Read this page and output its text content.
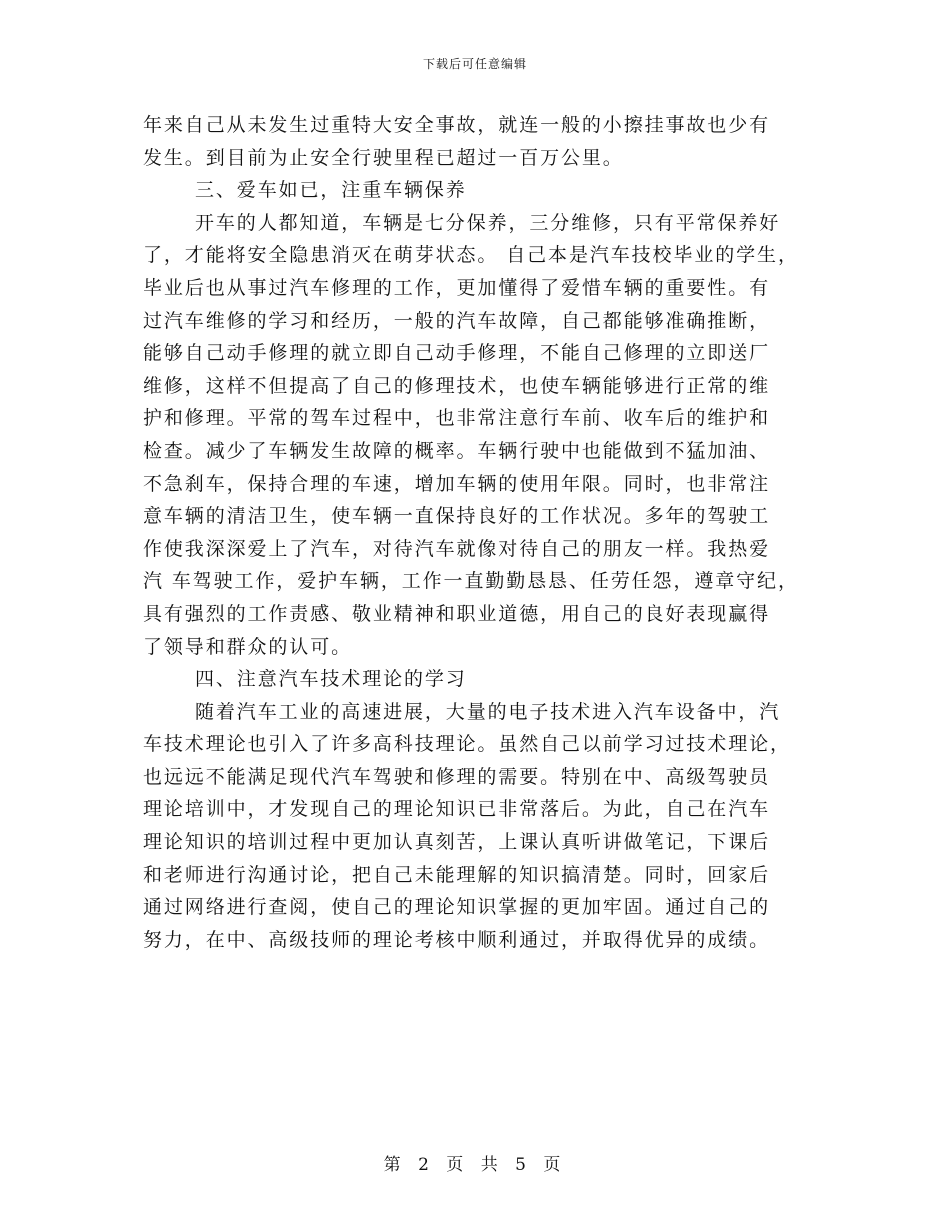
下载后可任意编辑
年来自己从未发生过重特大安全事故，就连一般的小擦挂事故也少有
发生。到目前为止安全行驶里程已超过一百万公里。
三、爱车如已，注重车辆保养
开车的人都知道，车辆是七分保养，三分维修，只有平常保养好
了，才能将安全隐患消灭在萌芽状态。 自己本是汽车技校毕业的学生，
毕业后也从事过汽车修理的工作，更加懂得了爱惜车辆的重要性。有
过汽车维修的学习和经历，一般的汽车故障，自己都能够准确推断，
能够自己动手修理的就立即自己动手修理，不能自己修理的立即送厂
维修，这样不但提高了自己的修理技术，也使车辆能够进行正常的维
护和修理。平常的驾车过程中，也非常注意行车前、收车后的维护和
检查。减少了车辆发生故障的概率。车辆行驶中也能做到不猛加油、
不急刹车，保持合理的车速，增加车辆的使用年限。同时，也非常注
意车辆的清洁卫生，使车辆一直保持良好的工作状况。多年的驾驶工
作使我深深爱上了汽车，对待汽车就像对待自己的朋友一样。我热爱
汽 车驾驶工作，爱护车辆，工作一直勤勤恳恳、任劳任怨，遵章守纪，
具有强烈的工作责感、敬业精神和职业道德，用自己的良好表现赢得
了领导和群众的认可。
四、注意汽车技术理论的学习
随着汽车工业的高速进展，大量的电子技术进入汽车设备中，汽
车技术理论也引入了许多高科技理论。虽然自己以前学习过技术理论，
也远远不能满足现代汽车驾驶和修理的需要。特别在中、高级驾驶员
理论培训中，才发现自己的理论知识已非常落后。为此，自己在汽车
理论知识的培训过程中更加认真刻苦，上课认真听讲做笔记，下课后
和老师进行沟通讨论，把自己未能理解的知识搞清楚。同时，回家后
通过网络进行查阅，使自己的理论知识掌握的更加牢固。通过自己的
努力，在中、高级技师的理论考核中顺利通过，并取得优异的成绩。
第 2 页 共 5 页
